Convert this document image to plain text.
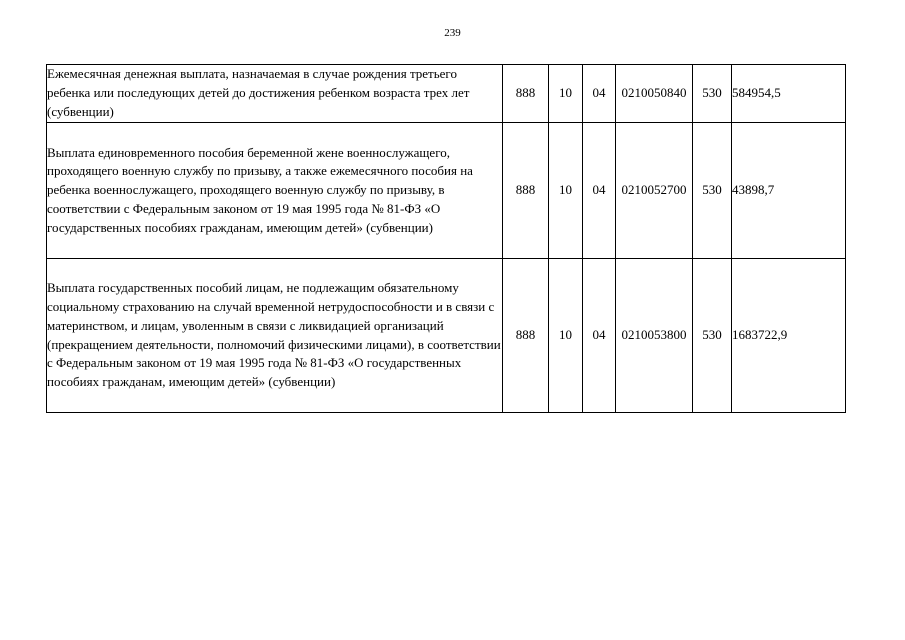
239
Ежемесячная денежная выплата, назначаемая в случае рождения третьего ребенка или последующих детей до достижения ребенком возраста трех лет (субвенции)	888	10	04	0210050840	530	584954,5
Выплата единовременного пособия беременной жене военнослужащего, проходящего военную службу по призыву, а также ежемесячного пособия на ребенка военнослужащего, проходящего военную службу по призыву, в соответствии с Федеральным законом от 19 мая 1995 года № 81-ФЗ «О государственных пособиях гражданам, имеющим детей» (субвенции)	888	10	04	0210052700	530	43898,7
Выплата государственных пособий лицам, не подлежащим обязательному социальному страхованию на случай временной нетрудоспособности и в связи с материнством, и лицам, уволенным в связи с ликвидацией организаций (прекращением деятельности, полномочий физическими лицами), в соответствии с Федеральным законом от 19 мая 1995 года № 81-ФЗ «О государственных пособиях гражданам, имеющим детей» (субвенции)	888	10	04	0210053800	530	1683722,9
